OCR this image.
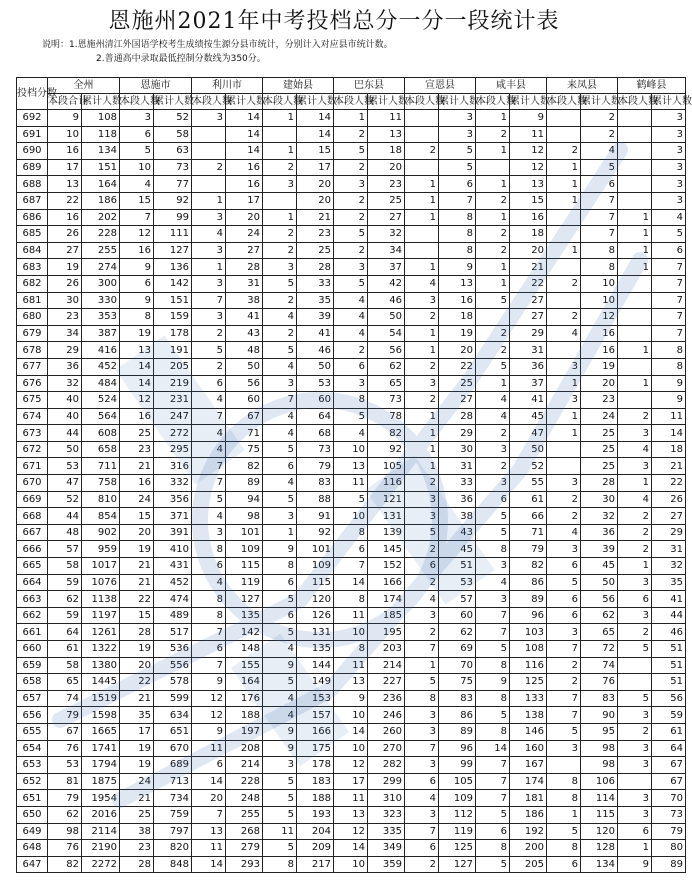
恩施州2021年中考投档总分一分一段统计表
说明：1.恩施州清江外国语学校考生成绩按生源分县市统计，分别计入对应县市统计数。
2.普通高中录取最低控制分数线为350分。
投档分数	全州		恩施市		利川市		建始县		巴东县		宣恩县		咸丰县		来凤县		鹤峰县	
	本段合计	累计人数	本段人数	累计人数	本段人数	累计人数	本段人数	累计人数	本段人数	累计人数	本段人数	累计人数	本段人数	累计人数	本段人数	累计人数	本段人数	累计人数
692	9	108	3	52	3	14	1	14	1	11		3	1	9		2		3
691	10	118	6	58		14		14	2	13		3	2	11		2		3
690	16	134	5	63		14	1	15	5	18	2	5	1	12	2	4		3
689	17	151	10	73	2	16	2	17	2	20		5		12	1	5		3
688	13	164	4	77		16	3	20	3	23	1	6	1	13	1	6		3
687	22	186	15	92	1	17		20	2	25	1	7	2	15	1	7		3
686	16	202	7	99	3	20	1	21	2	27	1	8	1	16		7	1	4
685	26	228	12	111	4	24	2	23	5	32		8	2	18		7	1	5
684	27	255	16	127	3	27	2	25	2	34		8	2	20	1	8	1	6
683	19	274	9	136	1	28	3	28	3	37	1	9	1	21		8	1	7
682	26	300	6	142	3	31	5	33	5	42	4	13	1	22	2	10		7
681	30	330	9	151	7	38	2	35	4	46	3	16	5	27		10		7
680	23	353	8	159	3	41	4	39	4	50	2	18		27	2	12		7
679	34	387	19	178	2	43	2	41	4	54	1	19	2	29	4	16		7
678	29	416	13	191	5	48	5	46	2	56	1	20	2	31		16	1	8
677	36	452	14	205	2	50	4	50	6	62	2	22	5	36	3	19		8
676	32	484	14	219	6	56	3	53	3	65	3	25	1	37	1	20	1	9
675	40	524	12	231	4	60	7	60	8	73	2	27	4	41	3	23		9
674	40	564	16	247	7	67	4	64	5	78	1	28	4	45	1	24	2	11
673	44	608	25	272	4	71	4	68	4	82	1	29	2	47	1	25	3	14
672	50	658	23	295	4	75	5	73	10	92	1	30	3	50		25	4	18
671	53	711	21	316	7	82	6	79	13	105	1	31	2	52		25	3	21
670	47	758	16	332	7	89	4	83	11	116	2	33	3	55	3	28	1	22
669	52	810	24	356	5	94	5	88	5	121	3	36	6	61	2	30	4	26
668	44	854	15	371	4	98	3	91	10	131	3	38	5	66	2	32	2	27
667	48	902	20	391	3	101	1	92	8	139	5	43	5	71	4	36	2	29
666	57	959	19	410	8	109	9	101	6	145	2	45	8	79	3	39	2	31
665	58	1017	21	431	6	115	8	109	7	152	6	51	3	82	6	45	1	32
664	59	1076	21	452	4	119	6	115	14	166	2	53	4	86	5	50	3	35
663	62	1138	22	474	8	127	5	120	8	174	4	57	3	89	6	56	6	41
662	59	1197	15	489	8	135	6	126	11	185	3	60	7	96	6	62	3	44
661	64	1261	28	517	7	142	5	131	10	195	2	62	7	103	3	65	2	46
660	61	1322	19	536	6	148	4	135	8	203	7	69	5	108	7	72	5	51
659	58	1380	20	556	7	155	9	144	11	214	1	70	8	116	2	74		51
658	65	1445	22	578	9	164	5	149	13	227	5	75	9	125	2	76		51
657	74	1519	21	599	12	176	4	153	9	236	8	83	8	133	7	83	5	56
656	79	1598	35	634	12	188	4	157	10	246	3	86	5	138	7	90	3	59
655	67	1665	17	651	9	197	9	166	14	260	3	89	8	146	5	95	2	61
654	76	1741	19	670	11	208	9	175	10	270	7	96	14	160	3	98	3	64
653	53	1794	19	689	6	214	3	178	12	282	3	99	7	167		98	3	67
652	81	1875	24	713	14	228	5	183	17	299	6	105	7	174	8	106		67
651	79	1954	21	734	20	248	5	188	11	310	4	109	7	181	8	114	3	70
650	62	2016	25	759	7	255	5	193	13	323	3	112	5	186	1	115	3	73
649	98	2114	38	797	13	268	11	204	12	335	7	119	6	192	5	120	6	79
648	76	2190	23	820	11	279	5	209	14	349	6	125	8	200	8	128	1	80
647	82	2272	28	848	14	293	8	217	10	359	2	127	5	205	6	134	9	89
